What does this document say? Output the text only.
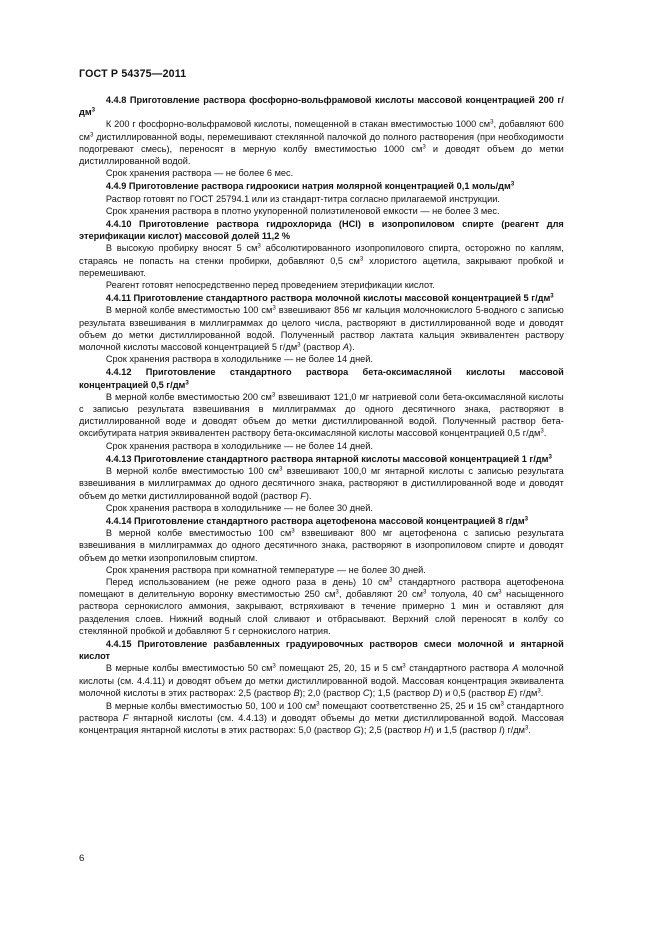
ГОСТ Р 54375—2011

4.4.8 Приготовление раствора фосфорно-вольфрамовой кислоты массовой концентрацией 200 $г/дм^3$

К 200 г фосфорно-вольфрамовой кислоты, помещенной в стакан вместимостью 1000 $см^3$, добавляют 600 $см^3$ дистиллированной воды, перемешивают стеклянной палочкой до полного растворения (при необходимости подогревают смесь), переносят в мерную колбу вместимостью 1000 $см^3$ и доводят объем до метки дистиллированной водой.

Срок хранения раствора — не более 6 мес.

4.4.9 Приготовление раствора гидроокиси натрия молярной концентрацией 0,1 моль/$дм^3$

Раствор готовят по ГОСТ 25794.1 или из стандарт-титра согласно прилагаемой инструкции.

Срок хранения раствора в плотно укупоренной полиэтиленовой емкости — не более 3 мес.

4.4.10 Приготовление раствора гидрохлорида (HCl) в изопропиловом спирте (реагент для этерификации кислот) массовой долей 11,2 %

В высокую пробирку вносят 5 $см^3$ абсолютированного изопропилового спирта, осторожно по каплям, стараясь не попасть на стенки пробирки, добавляют 0,5 $см^3$ хлористого ацетила, закрывают пробкой и перемешивают.

Реагент готовят непосредственно перед проведением этерификации кислот.

4.4.11 Приготовление стандартного раствора молочной кислоты массовой концентрацией 5 $г/дм^3$

В мерной колбе вместимостью 100 $см^3$ взвешивают 856 мг кальция молочнокислого 5-водного с записью результата взвешивания в миллиграммах до целого числа, растворяют в дистиллированной воде и доводят объем до метки дистиллированной водой. Полученный раствор лактата кальция эквивалентен раствору молочной кислоты массовой концентрацией 5 $г/дм^3$ (раствор А).

Срок хранения раствора в холодильнике — не более 14 дней.

4.4.12 Приготовление стандартного раствора бета-оксимасляной кислоты массовой концентрацией 0,5 $г/дм^3$

В мерной колбе вместимостью 200 $см^3$ взвешивают 121,0 мг натриевой соли бета-оксимасляной кислоты с записью результата взвешивания в миллиграммах до одного десятичного знака, растворяют в дистиллированной воде и доводят объем до метки дистиллированной водой. Полученный раствор бета-оксибутирата натрия эквивалентен раствору бета-оксимасляной кислоты массовой концентрацией 0,5 $г/дм^3$.

Срок хранения раствора в холодильнике — не более 14 дней.

4.4.13 Приготовление стандартного раствора янтарной кислоты массовой концентрацией 1 $г/дм^3$

В мерной колбе вместимостью 100 $см^3$ взвешивают 100,0 мг янтарной кислоты с записью результата взвешивания в миллиграммах до одного десятичного знака, растворяют в дистиллированной воде и доводят объем до метки дистиллированной водой (раствор F).

Срок хранения раствора в холодильнике — не более 30 дней.

4.4.14 Приготовление стандартного раствора ацетофенона массовой концентрацией 8 $г/дм^3$

В мерной колбе вместимостью 100 $см^3$ взвешивают 800 мг ацетофенона с записью результата взвешивания в миллиграммах до одного десятичного знака, растворяют в изопропиловом спирте и доводят объем до метки изопропиловым спиртом.

Срок хранения раствора при комнатной температуре — не более 30 дней.

Перед использованием (не реже одного раза в день) 10 $см^3$ стандартного раствора ацетофенона помещают в делительную воронку вместимостью 250 $см^3$, добавляют 20 $см^3$ толуола, 40 $см^3$ насыщенного раствора сернокислого аммония, закрывают, встряхивают в течение примерно 1 мин и оставляют для разделения слоев. Нижний водный слой сливают и отбрасывают. Верхний слой переносят в колбу со стеклянной пробкой и добавляют 5 г сернокислого натрия.

4.4.15 Приготовление разбавленных градуировочных растворов смеси молочной и янтарной кислот

В мерные колбы вместимостью 50 $см^3$ помещают 25, 20, 15 и 5 $см^3$ стандартного раствора А молочной кислоты (см. 4.4.11) и доводят объем до метки дистиллированной водой. Массовая концентрация эквивалента молочной кислоты в этих растворах: 2,5 (раствор В); 2,0 (раствор С); 1,5 (раствор D) и 0,5 (раствор Е) $г/дм^3$.

В мерные колбы вместимостью 50, 100 и 100 $см^3$ помещают соответственно 25, 25 и 15 $см^3$ стандартного раствора F янтарной кислоты (см. 4.4.13) и доводят объемы до метки дистиллированной водой. Массовая концентрация янтарной кислоты в этих растворах: 5,0 (раствор G); 2,5 (раствор Н) и 1,5 (раствор I) $г/дм^3$.

6
